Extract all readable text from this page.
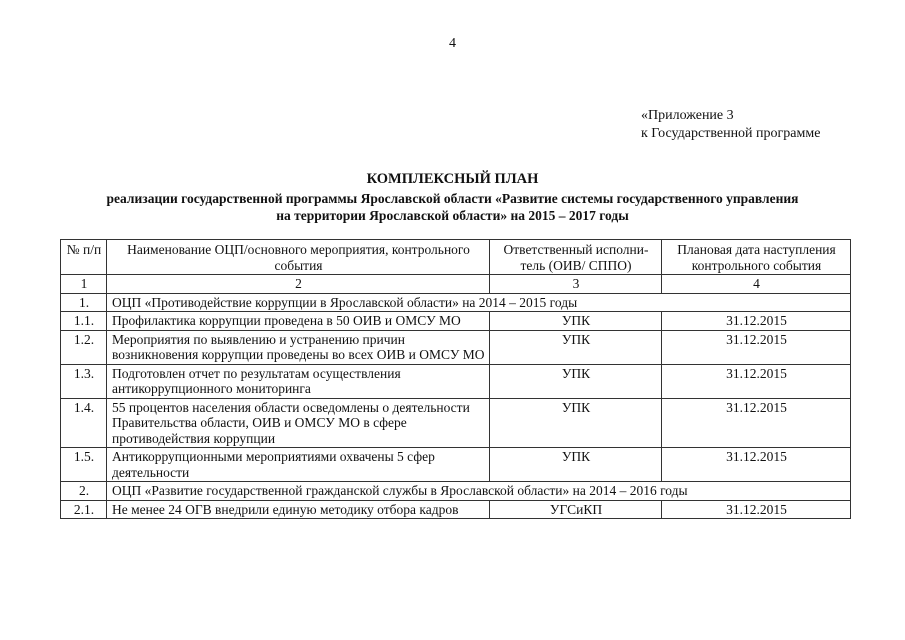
4
«Приложение 3
к Государственной программе
КОМПЛЕКСНЫЙ ПЛАН
реализации государственной программы Ярославской области «Развитие системы государственного управления
на территории Ярославской области» на 2015 – 2017 годы
№ п/п	Наименование ОЦП/основного мероприятия, контрольного события	Ответственный исполни-тель (ОИВ/ СППО)	Плановая дата наступления контрольного события
1	2	3	4
1.	ОЦП «Противодействие коррупции в Ярославской области» на 2014 – 2015 годы		
1.1.	Профилактика коррупции проведена в 50 ОИВ и ОМСУ МО	УПК	31.12.2015
1.2.	Мероприятия по выявлению и устранению причин возникновения коррупции проведены во всех ОИВ и ОМСУ МО	УПК	31.12.2015
1.3.	Подготовлен отчет по результатам осуществления антикоррупционного мониторинга	УПК	31.12.2015
1.4.	55 процентов населения области осведомлены о деятельности Правительства области, ОИВ и ОМСУ МО в сфере противодействия коррупции	УПК	31.12.2015
1.5.	Антикоррупционными мероприятиями охвачены 5 сфер деятельности	УПК	31.12.2015
2.	ОЦП «Развитие государственной гражданской службы в Ярославской области» на 2014 – 2016 годы		
2.1.	Не менее 24 ОГВ внедрили единую методику отбора кадров	УГСиКП	31.12.2015
